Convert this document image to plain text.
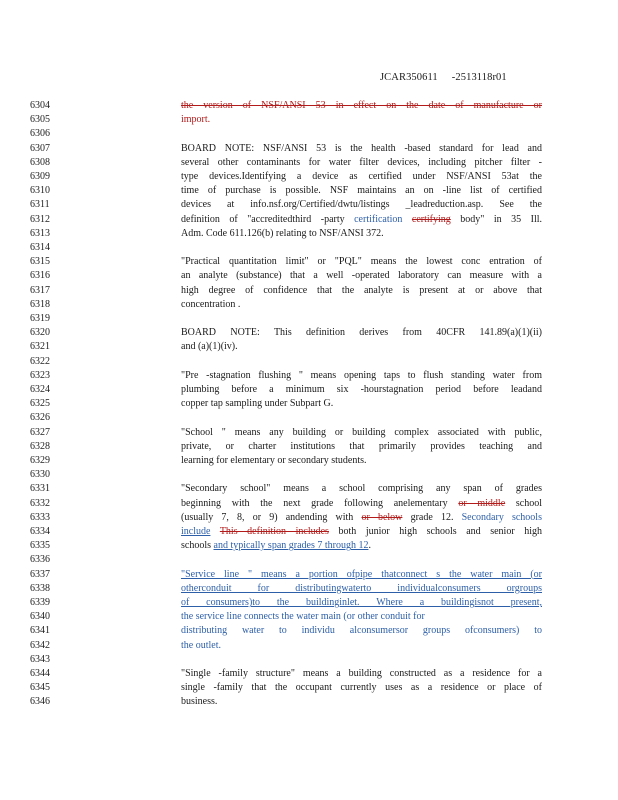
JCAR350611 -2513118r01
6304	the version of NSF/ANSI 53 in effect on the date of manufacture or
6305	import.
6306
6307	BOARD NOTE: NSF/ANSI 53 is the health -based standard for lead and
6308	several other contaminants for water filter devices, including pitcher filter -
6309	type devices.Identifying a device as certified under NSF/ANSI 53at the
6310	time of purchase is possible. NSF maintains an on -line list of certified
6311	devices at info.nsf.org/Certified/dwtu/listings _leadreduction.asp. See the
6312	definition of "accreditedthird -party certification certifying body" in 35 Ill.
6313	Adm. Code 611.126(b) relating to NSF/ANSI 372.
6314
6315	"Practical quantitation limit" or "PQL" means the lowest conc entration of
6316	an analyte (substance) that a well -operated laboratory can measure with a
6317	high degree of confidence that the analyte is present at or above that
6318	concentration .
6319
6320	BOARD NOTE: This definition derives from 40CFR 141.89(a)(1)(ii)
6321	and (a)(1)(iv).
6322
6323	"Pre -stagnation flushing " means opening taps to flush standing water from
6324	plumbing before a minimum six -hourstagnation period before leadand
6325	copper tap sampling under Subpart G.
6326
6327	"School " means any building or building complex associated with public,
6328	private, or charter institutions that primarily provides teaching and
6329	learning for elementary or secondary students.
6330
6331	"Secondary school" means a school comprising any span of grades
6332	beginning with the next grade following anelementary or middle school
6333	(usually 7, 8, or 9) andending with or below grade 12. Secondary schools
6334	include This definition includes both junior high schools and senior high
6335	schools and typically span grades 7 through 12.
6336
6337	"Service line " means a portion ofpipe thatconnect s the water main (or
6338	otherconduit for distributingwaterto individualconsumers orgroups
6339	of consumers)to the buildinginlet. Where a buildingisnot present,
6340	the service line connects the water main (or other conduit for
6341	distributing water to individu alconsumersor groups ofconsumers) to
6342	the outlet.
6343
6344	"Single -family structure" means a building constructed as a residence for a
6345	single -family that the occupant currently uses as a residence or place of
6346	business.
